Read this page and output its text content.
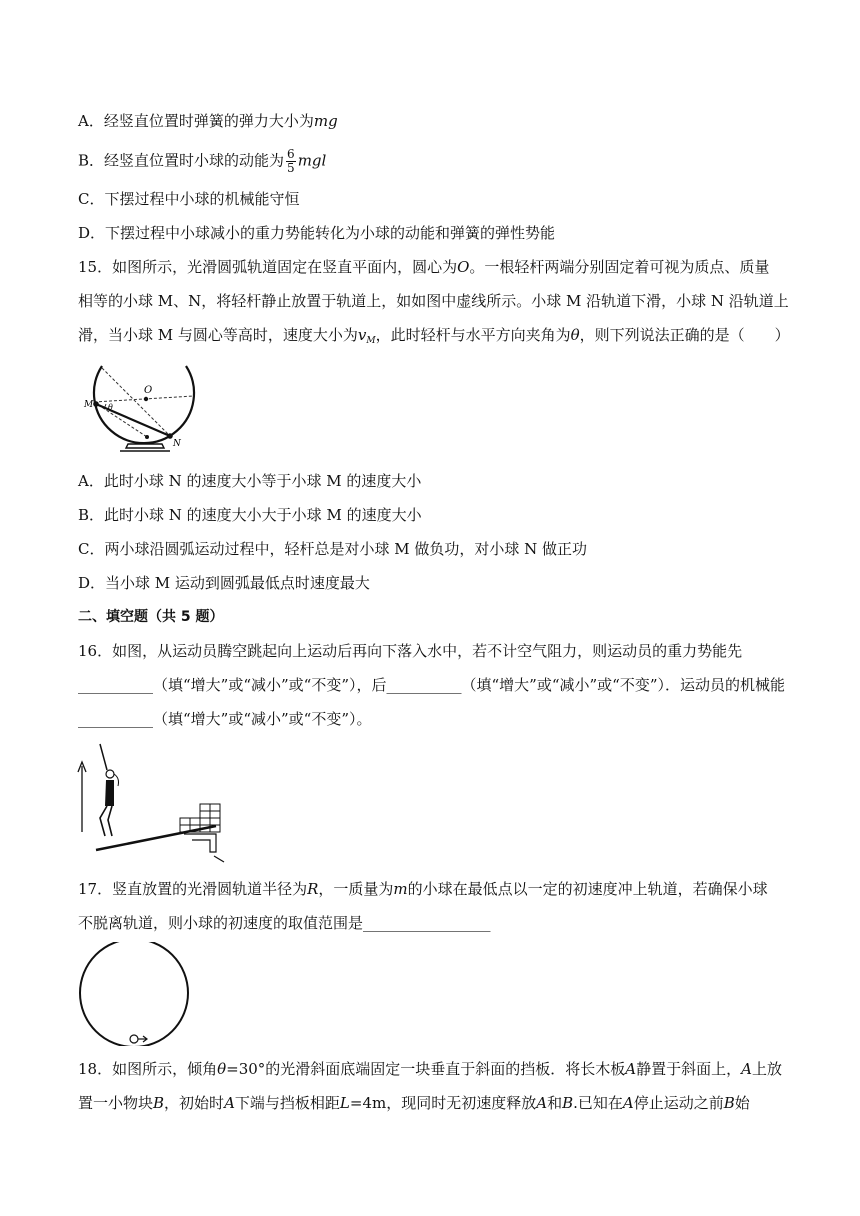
A．经竖直位置时弹簧的弹力大小为mg
B．经竖直位置时小球的动能为 $\frac{6}{5}$ mgl
C．下摆过程中小球的机械能守恒
D．下摆过程中小球减小的重力势能转化为小球的动能和弹簧的弹性势能
15．如图所示，光滑圆弧轨道固定在竖直平面内，圆心为O。一根轻杆两端分别固定着可视为质点、质量
相等的小球 M、N，将轻杆静止放置于轨道上，如如图中虚线所示。小球 M 沿轨道下滑，小球 N 沿轨道上
滑，当小球 M 与圆心等高时，速度大小为$v_M$，此时轻杆与水平方向夹角为θ，则下列说法正确的是（　　）
O
M
N
θ
A．此时小球 N 的速度大小等于小球 M 的速度大小
B．此时小球 N 的速度大小大于小球 M 的速度大小
C．两小球沿圆弧运动过程中，轻杆总是对小球 M 做负功，对小球 N 做正功
D．当小球 M 运动到圆弧最低点时速度最大
二、填空题（共 5 题）
16．如图，从运动员腾空跳起向上运动后再向下落入水中，若不计空气阻力，则运动员的重力势能先
__________（填“增大”或“减小”或“不变”），后__________（填“增大”或“减小”或“不变”）．运动员的机械能
__________（填“增大”或“减小”或“不变”）。
17．竖直放置的光滑圆轨道半径为R，一质量为m的小球在最低点以一定的初速度冲上轨道，若确保小球
不脱离轨道，则小球的初速度的取值范围是_________________
18．如图所示，倾角θ=30°的光滑斜面底端固定一块垂直于斜面的挡板．将长木板A静置于斜面上，A上放
置一小物块B，初始时A下端与挡板相距L=4m，现同时无初速度释放A和B.已知在A停止运动之前B始
